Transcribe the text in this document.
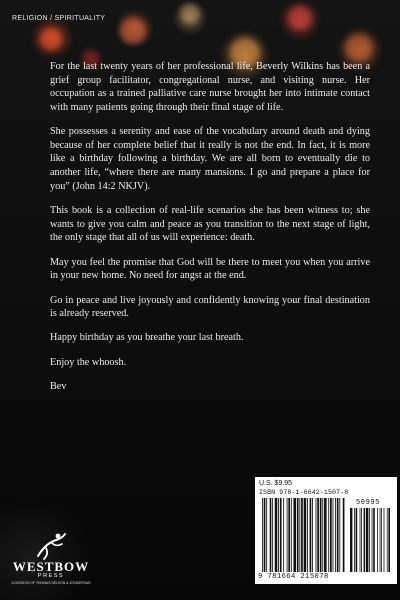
RELIGION / SPIRITUALITY

For the last twenty years of her professional life, Beverly Wilkins has been a grief group facilitator, congregational nurse, and visiting nurse. Her occupation as a trained palliative care nurse brought her into intimate contact with many patients going through their final stage of life.

She possesses a serenity and ease of the vocabulary around death and dying because of her complete belief that it really is not the end. In fact, it is more like a birthday following a birthday. We are all born to eventually die to another life, “where there are many mansions. I go and prepare a place for you” (John 14:2 NKJV).

This book is a collection of real-life scenarios she has been witness to; she wants to give you calm and peace as you transition to the next stage of light, the only stage that all of us will experience: death.

May you feel the promise that God will be there to meet you when you arrive in your new home. No need for angst at the end.

Go in peace and live joyously and confidently knowing your final destination is already reserved.

Happy birthday as you breathe your last breath.

Enjoy the whoosh.

Bev

WESTBOW
PRESS
A DIVISION OF THOMAS NELSON & ZONDERVAN
U.S. $9.95
ISBN 978-1-6642-1507-8
50995
9 781664 215078
